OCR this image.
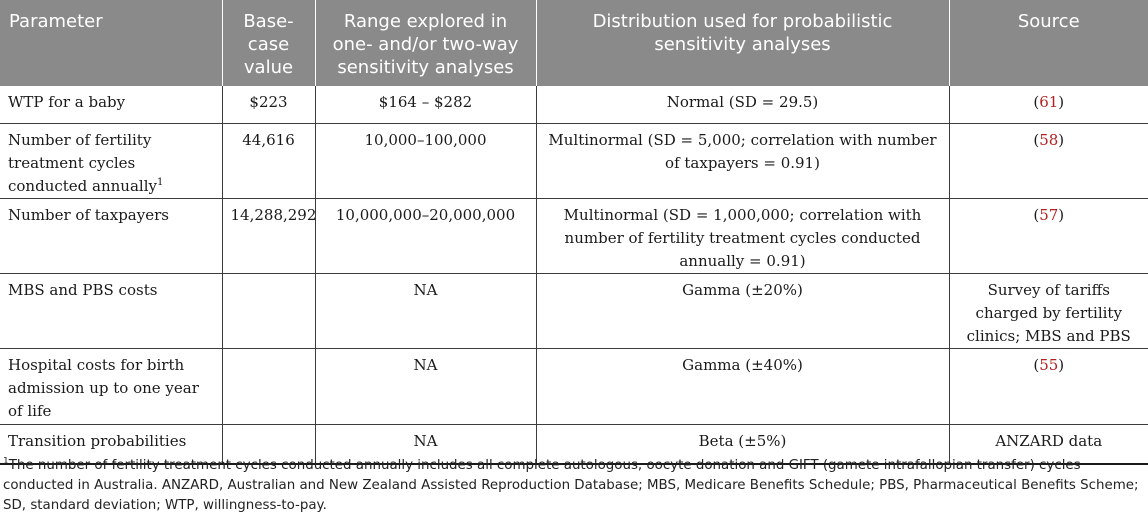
Parameter	Base-case value	Range explored in one- and/or two-way sensitivity analyses	Distribution used for probabilistic sensitivity analyses	Source
WTP for a baby	$223	$164 – $282	Normal (SD = 29.5)	(61)
Number of fertility treatment cycles conducted annually$^1$	44,616	10,000–100,000	Multinormal (SD = 5,000; correlation with number of taxpayers = 0.91)	(58)
Number of taxpayers	14,288,292	10,000,000–20,000,000	Multinormal (SD = 1,000,000; correlation with number of fertility treatment cycles conducted annually = 0.91)	(57)
MBS and PBS costs		NA	Gamma (±20%)	Survey of tariffs charged by fertility clinics; MBS and PBS
Hospital costs for birth admission up to one year of life		NA	Gamma (±40%)	(55)
Transition probabilities		NA	Beta (±5%)	ANZARD data
$^1$The number of fertility treatment cycles conducted annually includes all complete autologous, oocyte donation and GIFT (gamete intrafallopian transfer) cycles conducted in Australia. ANZARD, Australian and New Zealand Assisted Reproduction Database; MBS, Medicare Benefits Schedule; PBS, Pharmaceutical Benefits Scheme; SD, standard deviation; WTP, willingness-to-pay.
